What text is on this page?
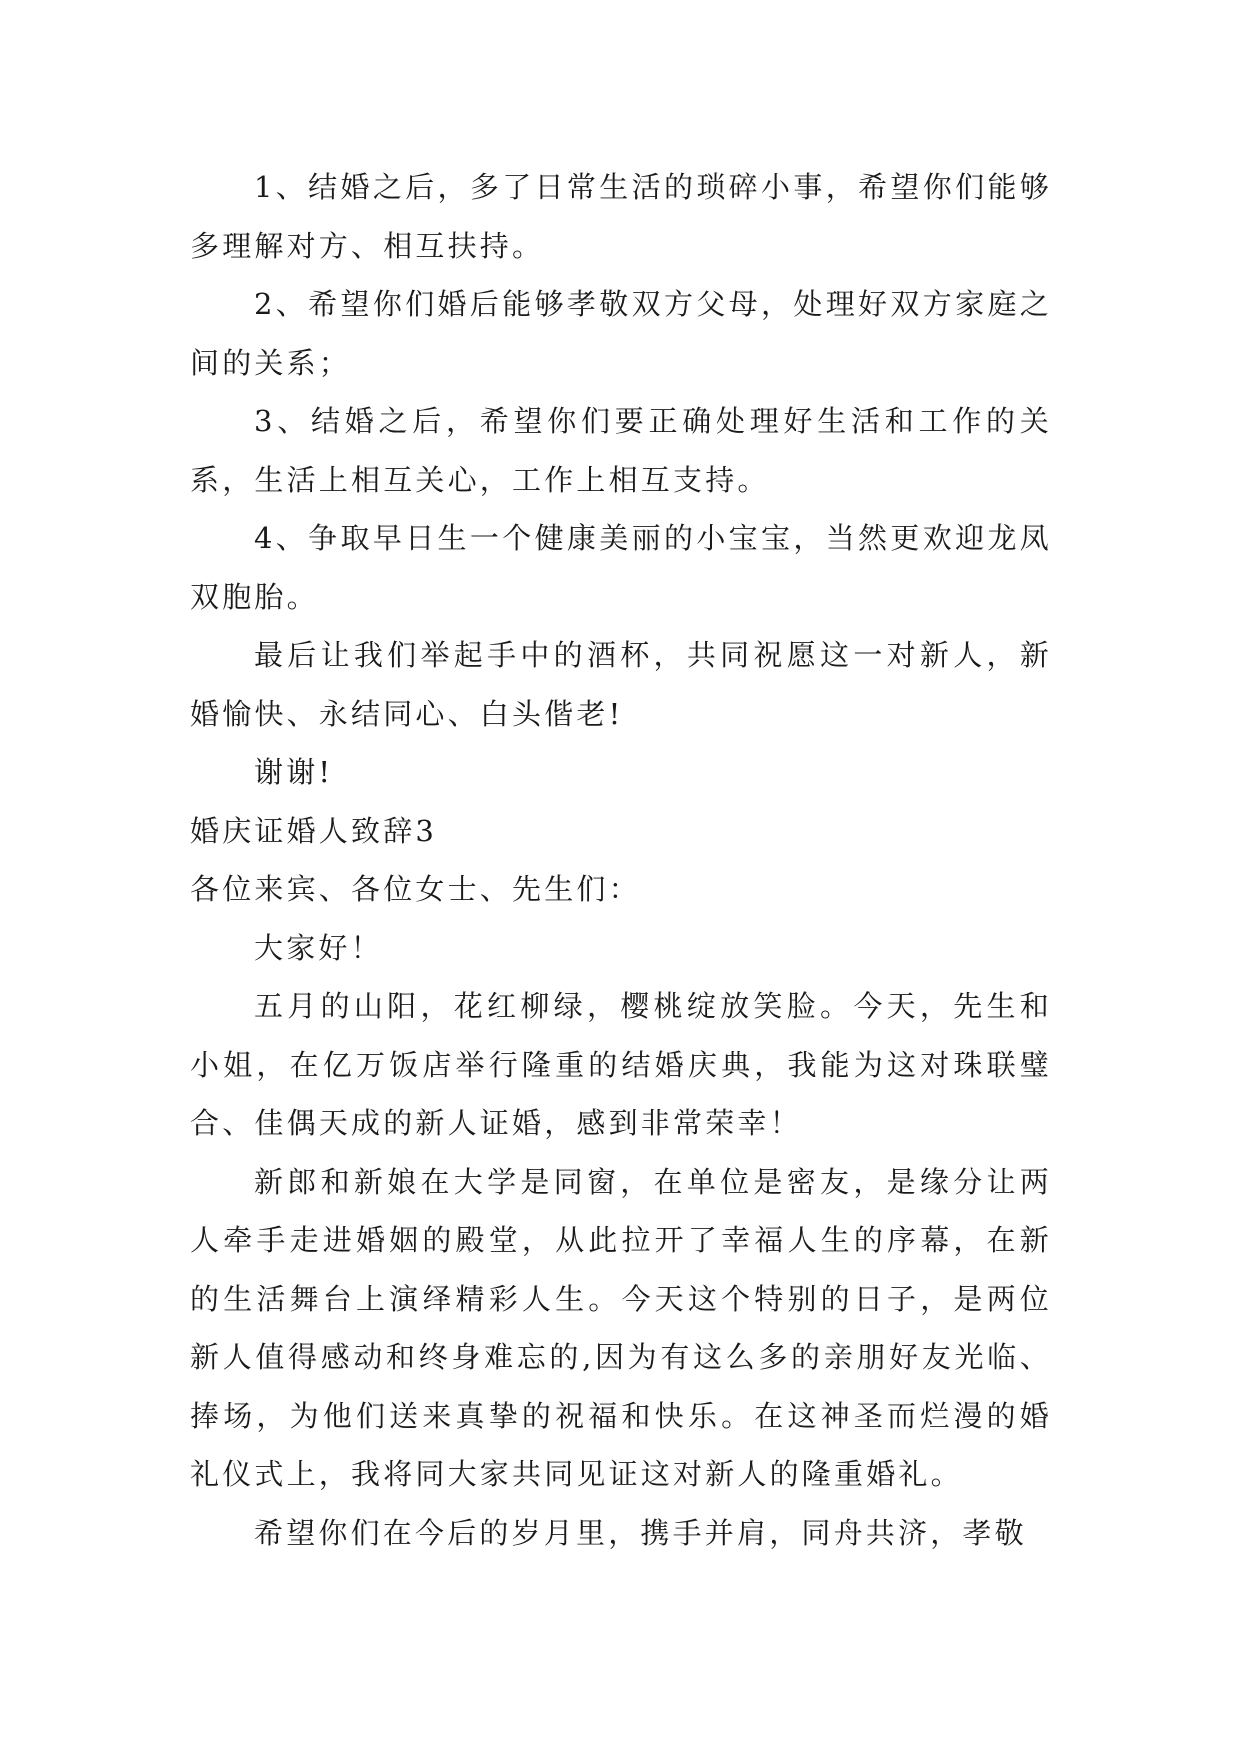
1、结婚之后，多了日常生活的琐碎小事，希望你们能够多理解对方、相互扶持。

2、希望你们婚后能够孝敬双方父母，处理好双方家庭之间的关系；

3、结婚之后，希望你们要正确处理好生活和工作的关系，生活上相互关心，工作上相互支持。

4、争取早日生一个健康美丽的小宝宝，当然更欢迎龙凤双胞胎。

最后让我们举起手中的酒杯，共同祝愿这一对新人，新婚愉快、永结同心、白头偕老!

谢谢!

婚庆证婚人致辞3

各位来宾、各位女士、先生们：

大家好！

五月的山阳，花红柳绿，樱桃绽放笑脸。今天，先生和小姐，在亿万饭店举行隆重的结婚庆典，我能为这对珠联璧合、佳偶天成的新人证婚，感到非常荣幸！

新郎和新娘在大学是同窗，在单位是密友，是缘分让两人牵手走进婚姻的殿堂，从此拉开了幸福人生的序幕，在新的生活舞台上演绎精彩人生。今天这个特别的日子，是两位新人值得感动和终身难忘的,因为有这么多的亲朋好友光临、捧场，为他们送来真挚的祝福和快乐。在这神圣而烂漫的婚礼仪式上，我将同大家共同见证这对新人的隆重婚礼。

希望你们在今后的岁月里，携手并肩，同舟共济，孝敬
